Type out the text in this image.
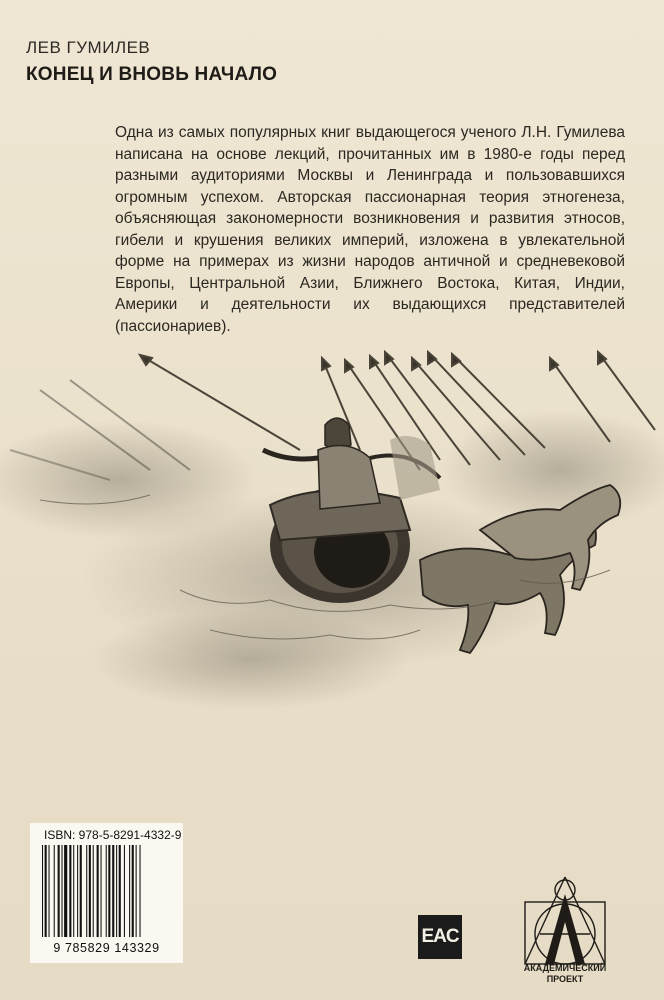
ЛЕВ ГУМИЛЕВ
КОНЕЦ И ВНОВЬ НАЧАЛО
Одна из самых популярных книг выдающегося ученого Л.Н. Гумилева написана на основе лекций, прочитанных им в 1980-е годы перед разными аудиториями Москвы и Ленинграда и пользовавшихся огромным успехом. Авторская пассионарная теория этногенеза, объясняющая закономерности возникновения и развития этносов, гибели и крушения великих империй, изложена в увлекательной форме на примерах из жизни народов античной и средневековой Европы, Центральной Азии, Ближнего Востока, Китая, Индии, Америки и деятельности их выдающихся представителей (пассионариев).
ISBN: 978-5-8291-4332-9
9 785829 143329
EAC
АКАДЕМИЧЕСКИЙ
ПРОЕКТ
